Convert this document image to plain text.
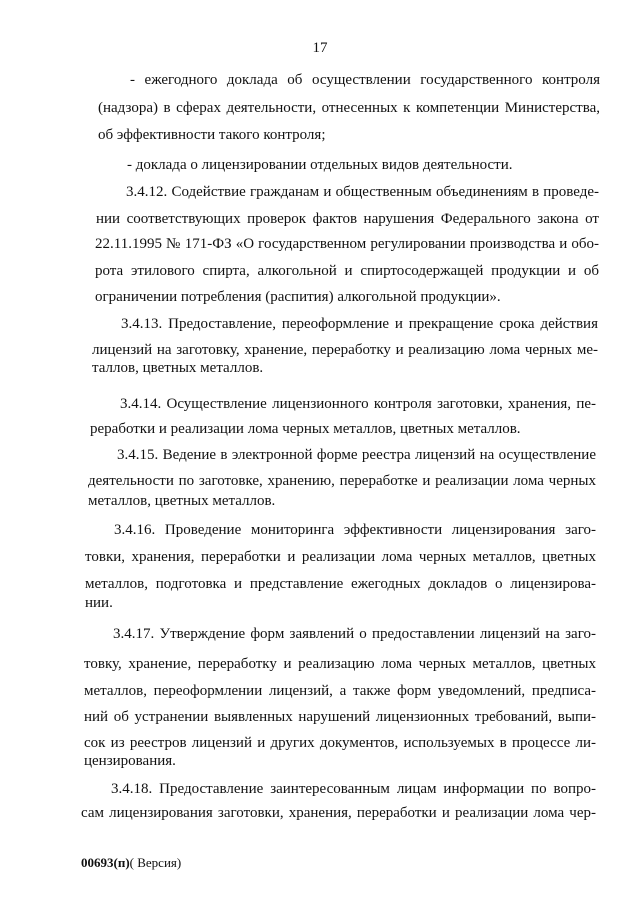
17
- ежегодного доклада об осуществлении государственного контроля
(надзора) в сферах деятельности, отнесенных к компетенции Министерства,
об эффективности такого контроля;
- доклада о лицензировании отдельных видов деятельности.
3.4.12. Содействие гражданам и общественным объединениям в проведе-
нии соответствующих проверок фактов нарушения Федерального закона от
22.11.1995 № 171-ФЗ «О государственном регулировании производства и обо-
рота этилового спирта, алкогольной и спиртосодержащей продукции и об
ограничении потребления (распития) алкогольной продукции».
3.4.13. Предоставление, переоформление и прекращение срока действия
лицензий на заготовку, хранение, переработку и реализацию лома черных ме-
таллов, цветных металлов.
3.4.14. Осуществление лицензионного контроля заготовки, хранения, пе-
реработки и реализации лома черных металлов, цветных металлов.
3.4.15. Ведение в электронной форме реестра лицензий на осуществление
деятельности по заготовке, хранению, переработке и реализации лома черных
металлов, цветных металлов.
3.4.16. Проведение мониторинга эффективности лицензирования заго-
товки, хранения, переработки и реализации лома черных металлов, цветных
металлов, подготовка и представление ежегодных докладов о лицензирова-
нии.
3.4.17. Утверждение форм заявлений о предоставлении лицензий на заго-
товку, хранение, переработку и реализацию лома черных металлов, цветных
металлов, переоформлении лицензий, а также форм уведомлений, предписа-
ний об устранении выявленных нарушений лицензионных требований, выпи-
сок из реестров лицензий и других документов, используемых в процессе ли-
цензирования.
3.4.18. Предоставление заинтересованным лицам информации по вопро-
сам лицензирования заготовки, хранения, переработки и реализации лома чер-
00693(п)( Версия)
